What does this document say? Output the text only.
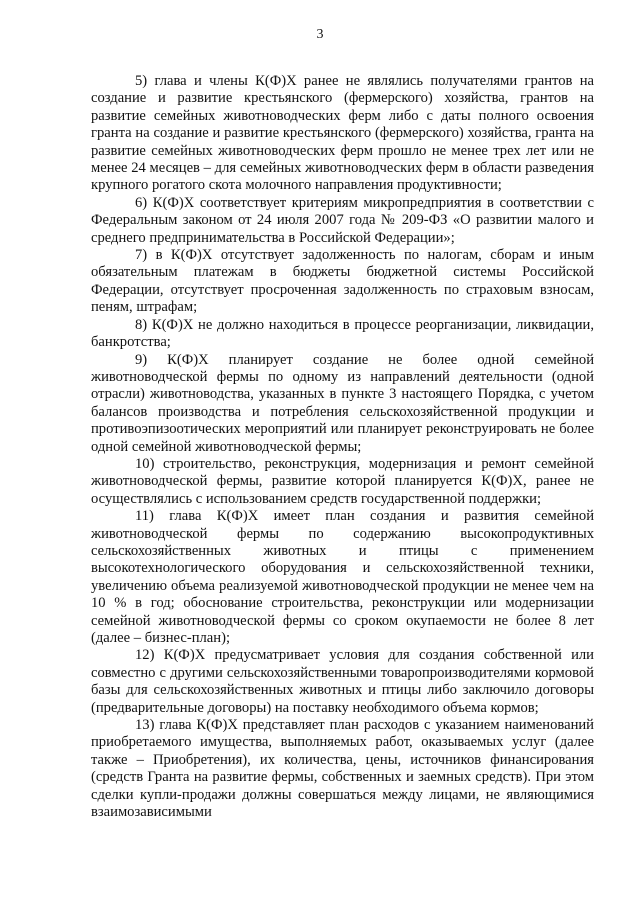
3

5) глава и члены К(Ф)Х ранее не являлись получателями грантов на создание и развитие крестьянского (фермерского) хозяйства, грантов на развитие семейных животноводческих ферм либо с даты полного освоения гранта на создание и развитие крестьянского (фермерского) хозяйства, гранта на развитие семейных животноводческих ферм прошло не менее трех лет или не менее 24 месяцев – для семейных животноводческих ферм в области разведения крупного рогатого скота молочного направления продуктивности;

6) К(Ф)Х соответствует критериям микропредприятия в соответствии с Федеральным законом от 24 июля 2007 года № 209-ФЗ «О развитии малого и среднего предпринимательства в Российской Федерации»;

7) в К(Ф)Х отсутствует задолженность по налогам, сборам и иным обязательным платежам в бюджеты бюджетной системы Российской Федерации, отсутствует просроченная задолженность по страховым взносам, пеням, штрафам;

8) К(Ф)Х не должно находиться в процессе реорганизации, ликвидации, банкротства;

9) К(Ф)Х планирует создание не более одной семейной животноводческой фермы по одному из направлений деятельности (одной отрасли) животноводства, указанных в пункте 3 настоящего Порядка, с учетом балансов производства и потребления сельскохозяйственной продукции и противоэпизоотических мероприятий или планирует реконструировать не более одной семейной животноводческой фермы;

10) строительство, реконструкция, модернизация и ремонт семейной животноводческой фермы, развитие которой планируется К(Ф)Х, ранее не осуществлялись с использованием средств государственной поддержки;

11) глава К(Ф)Х имеет план создания и развития семейной животноводческой фермы по содержанию высокопродуктивных сельскохозяйственных животных и птицы с применением высокотехнологического оборудования и сельскохозяйственной техники, увеличению объема реализуемой животноводческой продукции не менее чем на 10 % в год; обоснование строительства, реконструкции или модернизации семейной животноводческой фермы со сроком окупаемости не более 8 лет (далее – бизнес-план);

12) К(Ф)Х предусматривает условия для создания собственной или совместно с другими сельскохозяйственными товаропроизводителями кормовой базы для сельскохозяйственных животных и птицы либо заключило договоры (предварительные договоры) на поставку необходимого объема кормов;

13) глава К(Ф)Х представляет план расходов с указанием наименований приобретаемого имущества, выполняемых работ, оказываемых услуг (далее также – Приобретения), их количества, цены, источников финансирования (средств Гранта на развитие фермы, собственных и заемных средств). При этом сделки купли-продажи должны совершаться между лицами, не являющимися взаимозависимыми
